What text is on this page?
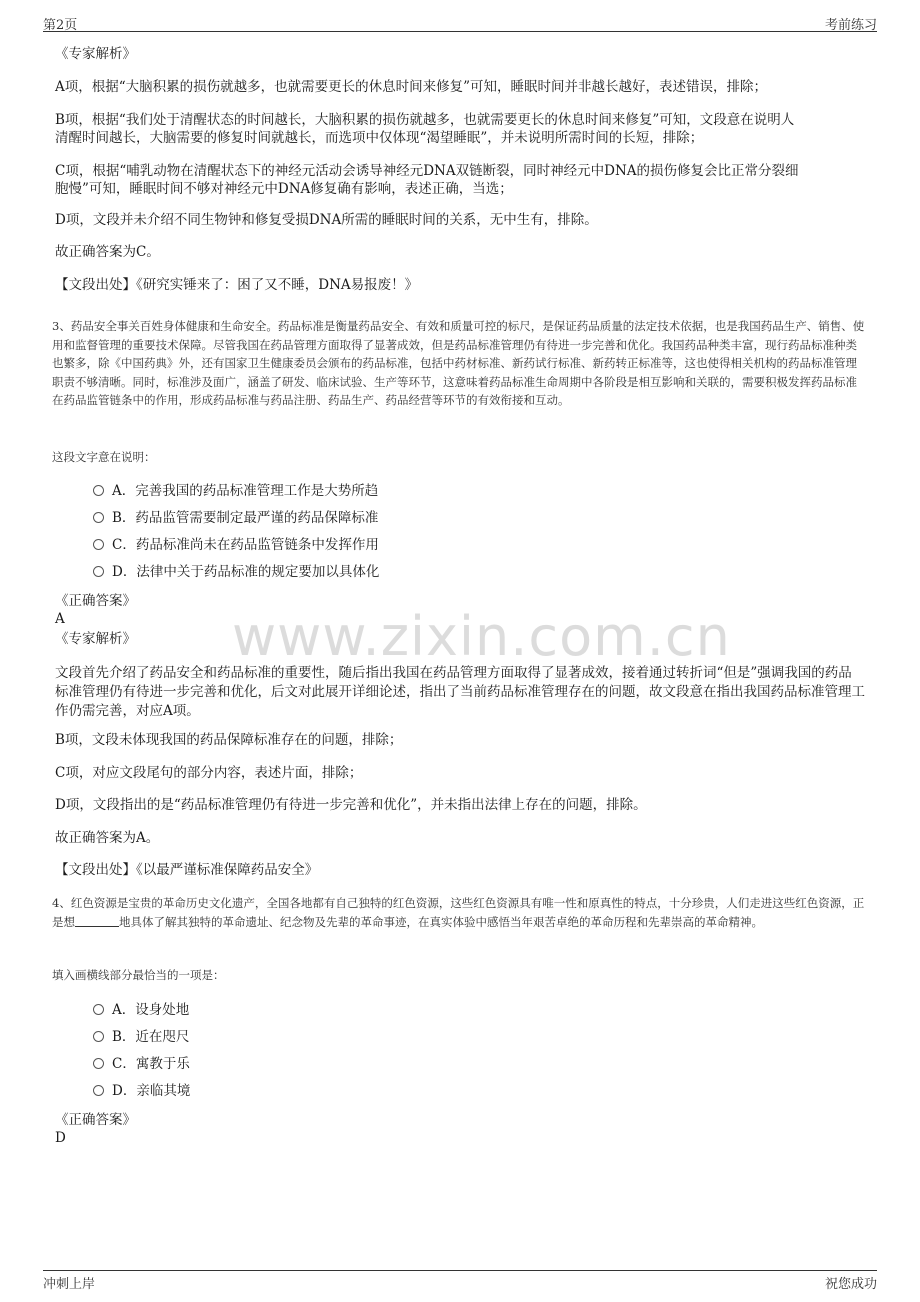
第2页	考前练习
www.zixin.com.cn
《专家解析》
A项，根据“大脑积累的损伤就越多，也就需要更长的休息时间来修复”可知，睡眠时间并非越长越好，表述错误，排除；
B项，根据“我们处于清醒状态的时间越长，大脑积累的损伤就越多，也就需要更长的休息时间来修复”可知，文段意在说明人
清醒时间越长，大脑需要的修复时间就越长，而选项中仅体现“渴望睡眠”，并未说明所需时间的长短，排除；
C项，根据“哺乳动物在清醒状态下的神经元活动会诱导神经元DNA双链断裂，同时神经元中DNA的损伤修复会比正常分裂细
胞慢”可知，睡眠时间不够对神经元中DNA修复确有影响，表述正确，当选；
D项，文段并未介绍不同生物钟和修复受损DNA所需的睡眠时间的关系，无中生有，排除。
故正确答案为C。
【文段出处】《研究实锤来了：困了又不睡，DNA易报废！》
3、药品安全事关百姓身体健康和生命安全。药品标准是衡量药品安全、有效和质量可控的标尺，是保证药品质量的法定技术依据，也是我国药品生产、销售、使用和监督管理的重要技术保障。尽管我国在药品管理方面取得了显著成效，但是药品标准管理仍有待进一步完善和优化。我国药品种类丰富，现行药品标准种类也繁多，除《中国药典》外，还有国家卫生健康委员会颁布的药品标准，包括中药材标准、新药试行标准、新药转正标准等，这也使得相关机构的药品标准管理职责不够清晰。同时，标准涉及面广，涵盖了研发、临床试验、生产等环节，这意味着药品标准生命周期中各阶段是相互影响和关联的，需要积极发挥药品标准在药品监管链条中的作用，形成药品标准与药品注册、药品生产、药品经营等环节的有效衔接和互动。
这段文字意在说明：
A．完善我国的药品标准管理工作是大势所趋
B．药品监管需要制定最严谨的药品保障标准
C．药品标准尚未在药品监管链条中发挥作用
D．法律中关于药品标准的规定要加以具体化
《正确答案》
A
《专家解析》
文段首先介绍了药品安全和药品标准的重要性，随后指出我国在药品管理方面取得了显著成效，接着通过转折词“但是”强调我国的药品标准管理仍有待进一步完善和优化，后文对此展开详细论述，指出了当前药品标准管理存在的问题，故文段意在指出我国药品标准管理工作仍需完善，对应A项。
B项，文段未体现我国的药品保障标准存在的问题，排除；
C项，对应文段尾句的部分内容，表述片面，排除；
D项，文段指出的是“药品标准管理仍有待进一步完善和优化”，并未指出法律上存在的问题，排除。
故正确答案为A。
【文段出处】《以最严谨标准保障药品安全》
4、红色资源是宝贵的革命历史文化遗产，全国各地都有自己独特的红色资源，这些红色资源具有唯一性和原真性的特点，十分珍贵，人们走进这些红色资源，正是想	地具体了解其独特的革命遗址、纪念物及先辈的革命事迹，在真实体验中感悟当年艰苦卓绝的革命历程和先辈崇高的革命精神。
填入画横线部分最恰当的一项是：
A．设身处地
B．近在咫尺
C．寓教于乐
D．亲临其境
《正确答案》
D
冲刺上岸	祝您成功
